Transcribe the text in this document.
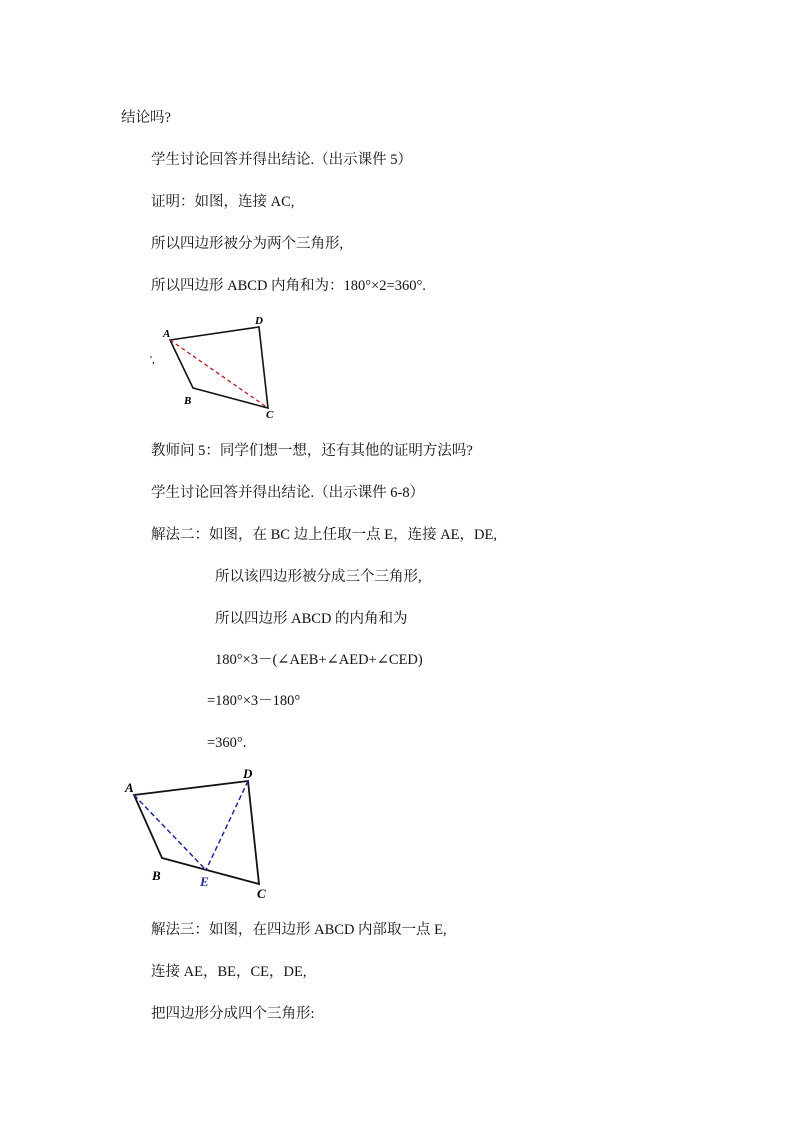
结论吗?
学生讨论回答并得出结论.（出示课件 5）
证明：如图，连接 AC,
所以四边形被分为两个三角形,
所以四边形 ABCD 内角和为：180°×2=360°.
A
D
B
C
',
教师问 5：同学们想一想，还有其他的证明方法吗?
学生讨论回答并得出结论.（出示课件 6-8）
解法二：如图，在 BC 边上任取一点 E，连接 AE，DE,
所以该四边形被分成三个三角形,
所以四边形 ABCD 的内角和为
180°×3－(∠AEB+∠AED+∠CED)
=180°×3－180°
=360°.
A
D
B	E
C
解法三：如图，在四边形 ABCD 内部取一点 E,
连接 AE，BE，CE，DE,
把四边形分成四个三角形:
